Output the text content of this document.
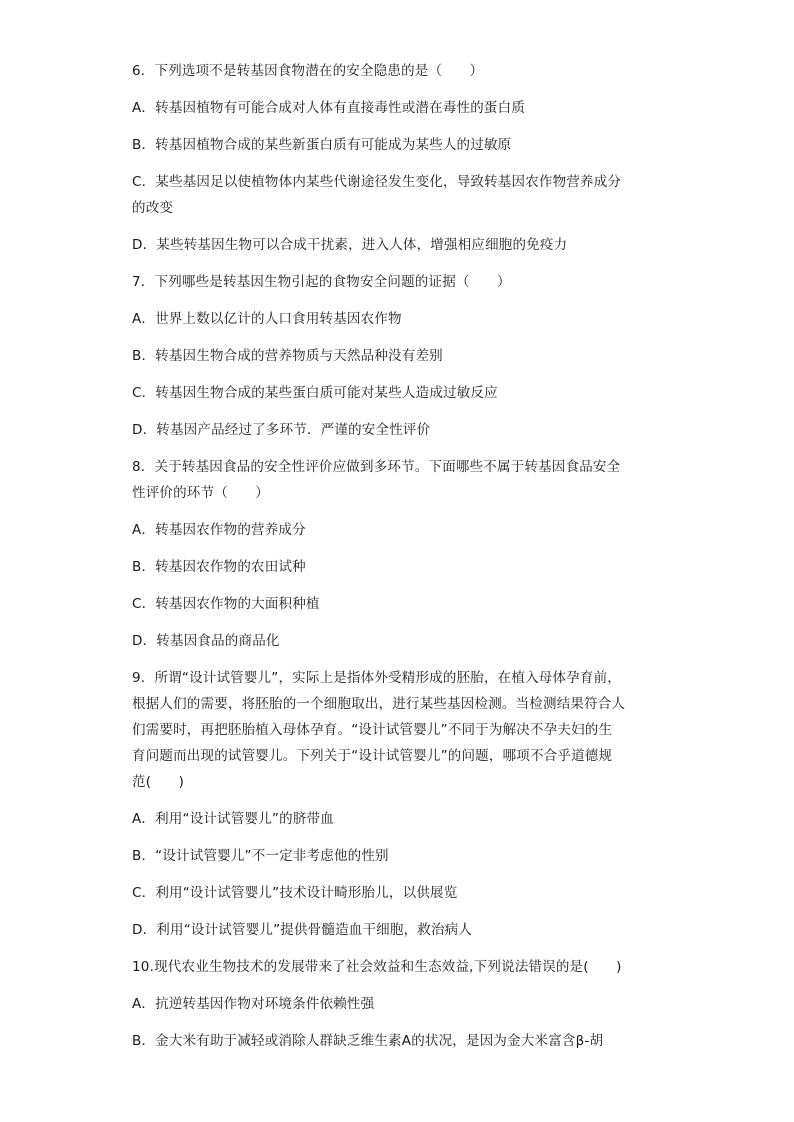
6．下列选项不是转基因食物潜在的安全隐患的是（　　）
A．转基因植物有可能合成对人体有直接毒性或潜在毒性的蛋白质
B．转基因植物合成的某些新蛋白质有可能成为某些人的过敏原
C．某些基因足以使植物体内某些代谢途径发生变化，导致转基因农作物营养成分
的改变
D．某些转基因生物可以合成干扰素，进入人体，增强相应细胞的免疫力
7．下列哪些是转基因生物引起的食物安全问题的证据（　　）
A．世界上数以亿计的人口食用转基因农作物
B．转基因生物合成的营养物质与天然品种没有差别
C．转基因生物合成的某些蛋白质可能对某些人造成过敏反应
D．转基因产品经过了多环节．严谨的安全性评价
8．关于转基因食品的安全性评价应做到多环节。下面哪些不属于转基因食品安全
性评价的环节（　　）
A．转基因农作物的营养成分
B．转基因农作物的农田试种
C．转基因农作物的大面积种植
D．转基因食品的商品化
9．所谓“设计试管婴儿”，实际上是指体外受精形成的胚胎，在植入母体孕育前，
根据人们的需要，将胚胎的一个细胞取出，进行某些基因检测。当检测结果符合人
们需要时，再把胚胎植入母体孕育。“设计试管婴儿”不同于为解决不孕夫妇的生
育问题而出现的试管婴儿。下列关于“设计试管婴儿”的问题，哪项不合乎道德规
范(　　)
A．利用“设计试管婴儿”的脐带血
B．“设计试管婴儿”不一定非考虑他的性别
C．利用“设计试管婴儿”技术设计畸形胎儿，以供展览
D．利用“设计试管婴儿”提供骨髓造血干细胞，救治病人
10.现代农业生物技术的发展带来了社会效益和生态效益,下列说法错误的是(　　)
A．抗逆转基因作物对环境条件依赖性强
B．金大米有助于减轻或消除人群缺乏维生素A的状况，是因为金大米富含β-胡
